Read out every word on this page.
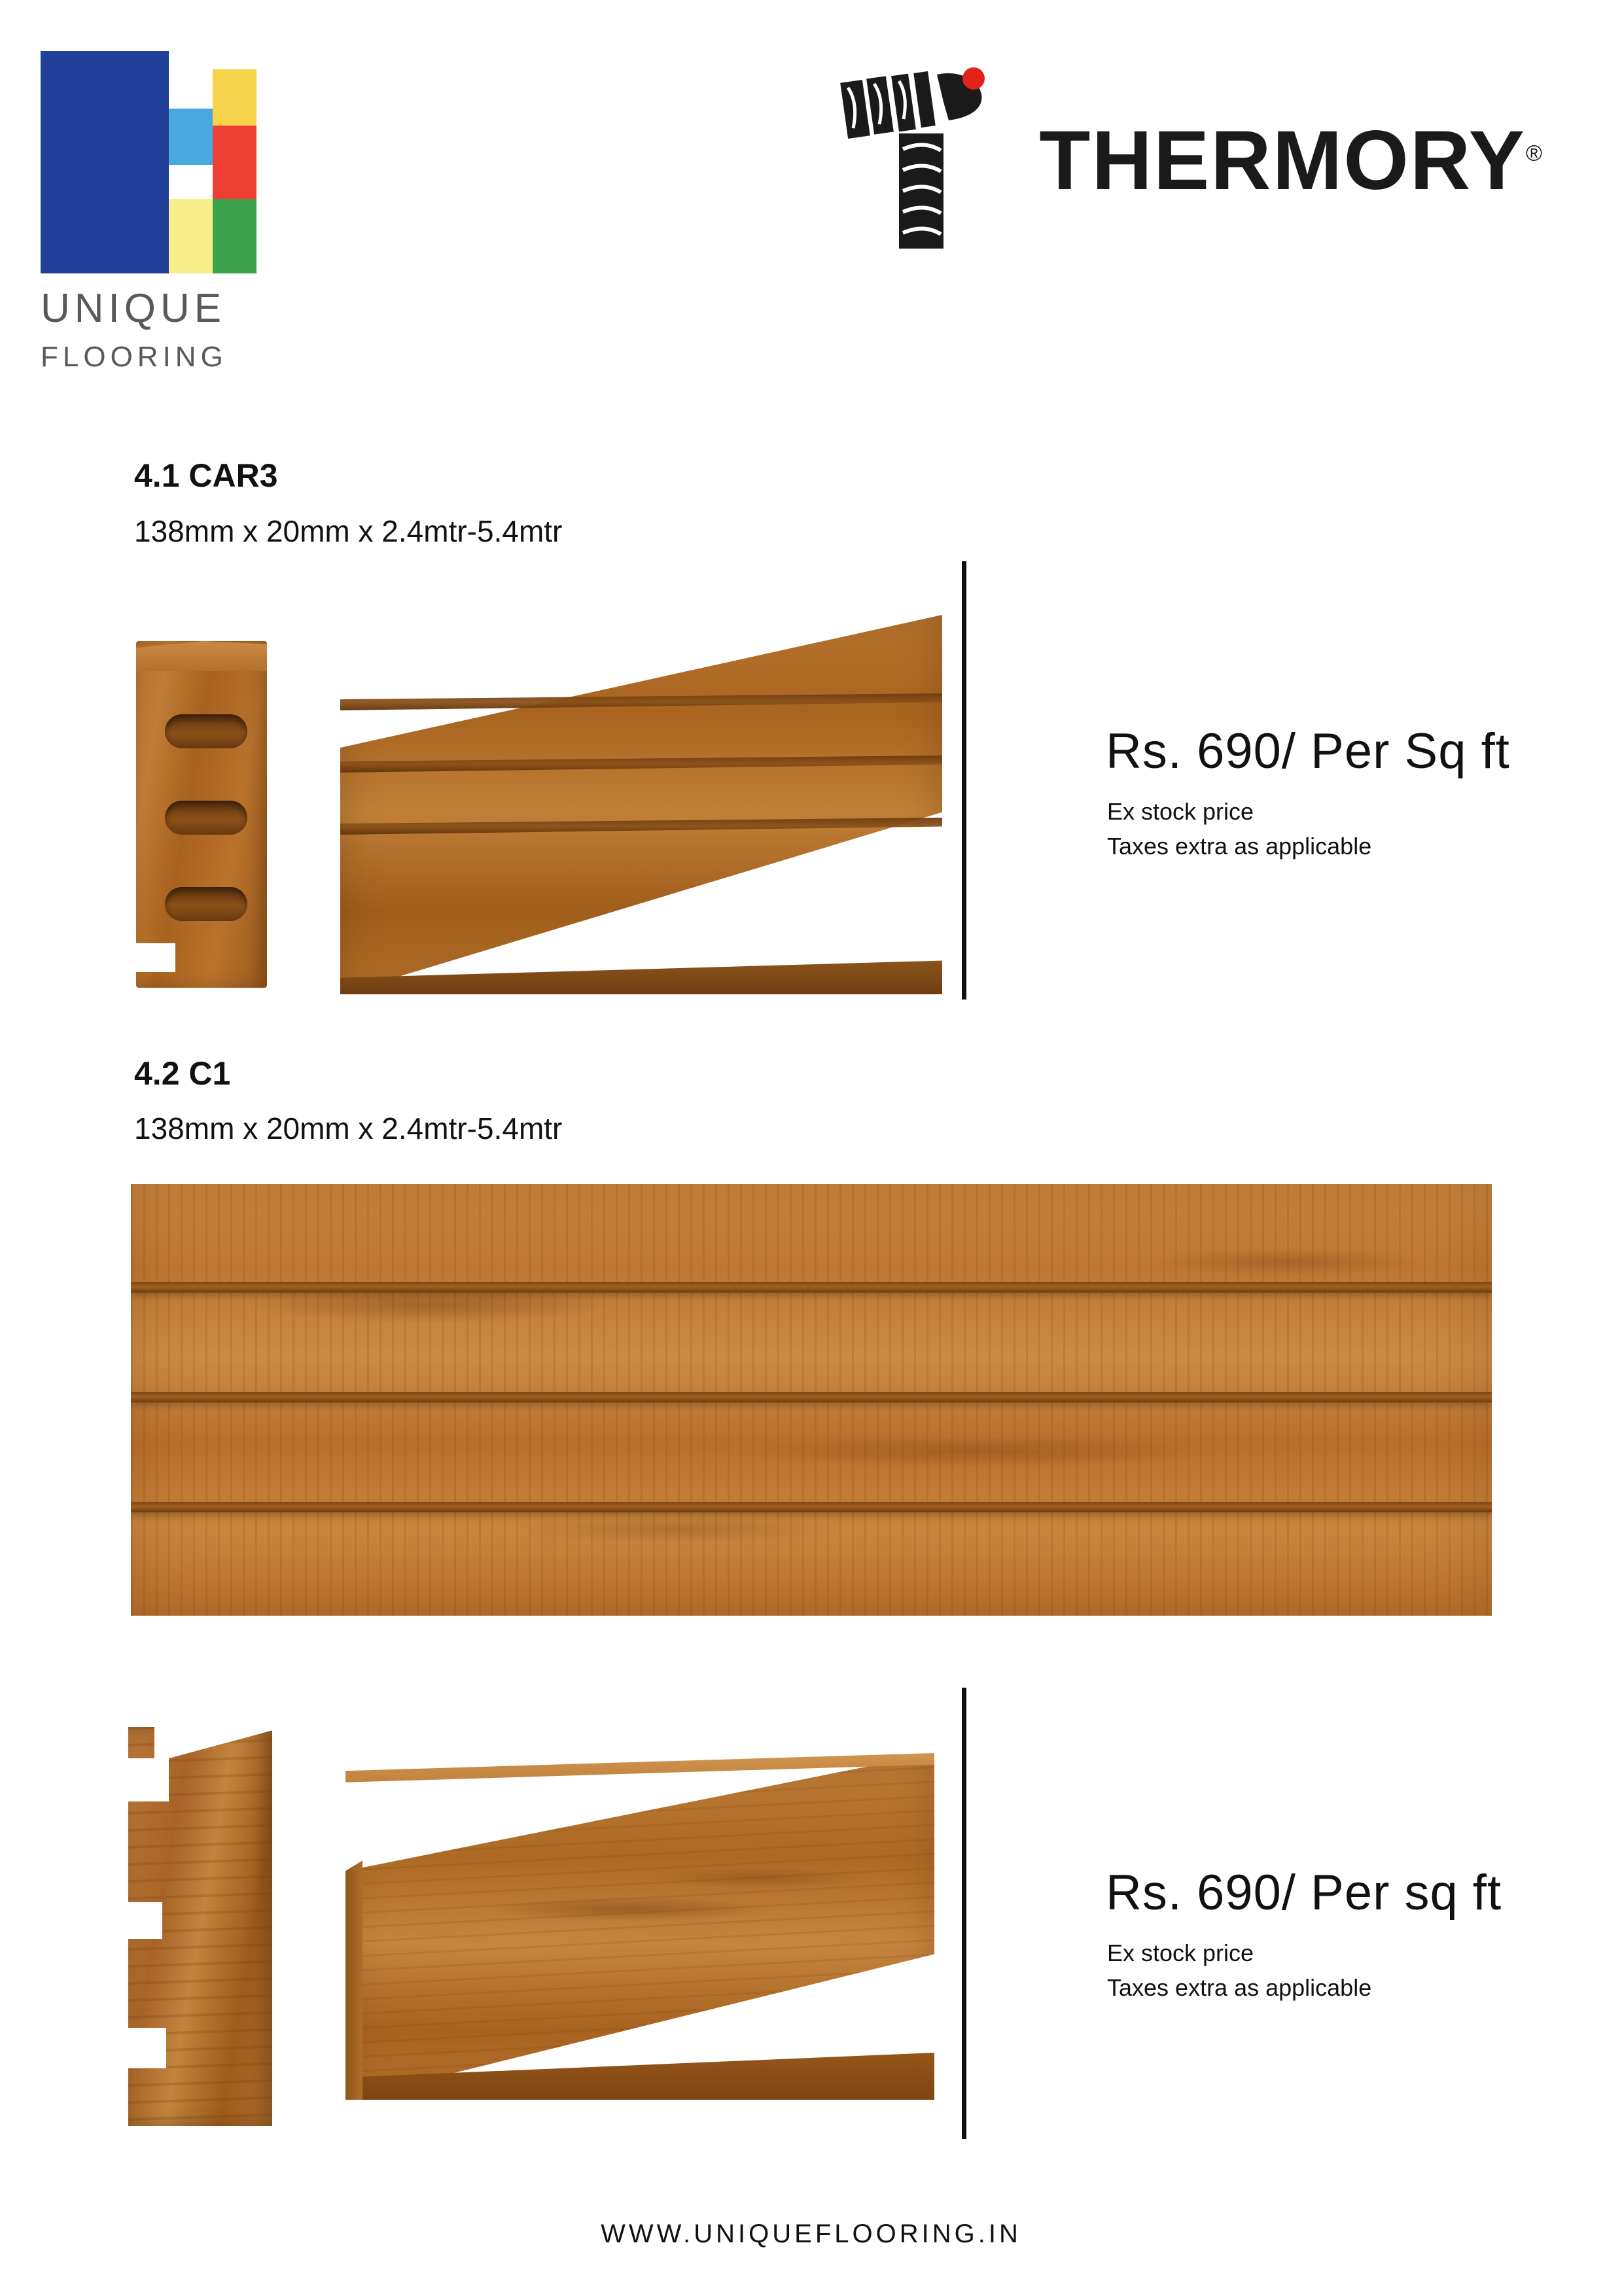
UNIQUE
FLOORING
THERMORY®
4.1 CAR3
138mm x 20mm x 2.4mtr-5.4mtr
Rs. 690/ Per Sq ft
Ex stock price
Taxes extra as applicable
4.2 C1
138mm x 20mm x 2.4mtr-5.4mtr
Rs. 690/ Per sq ft
Ex stock price
Taxes extra as applicable
WWW.UNIQUEFLOORING.IN
